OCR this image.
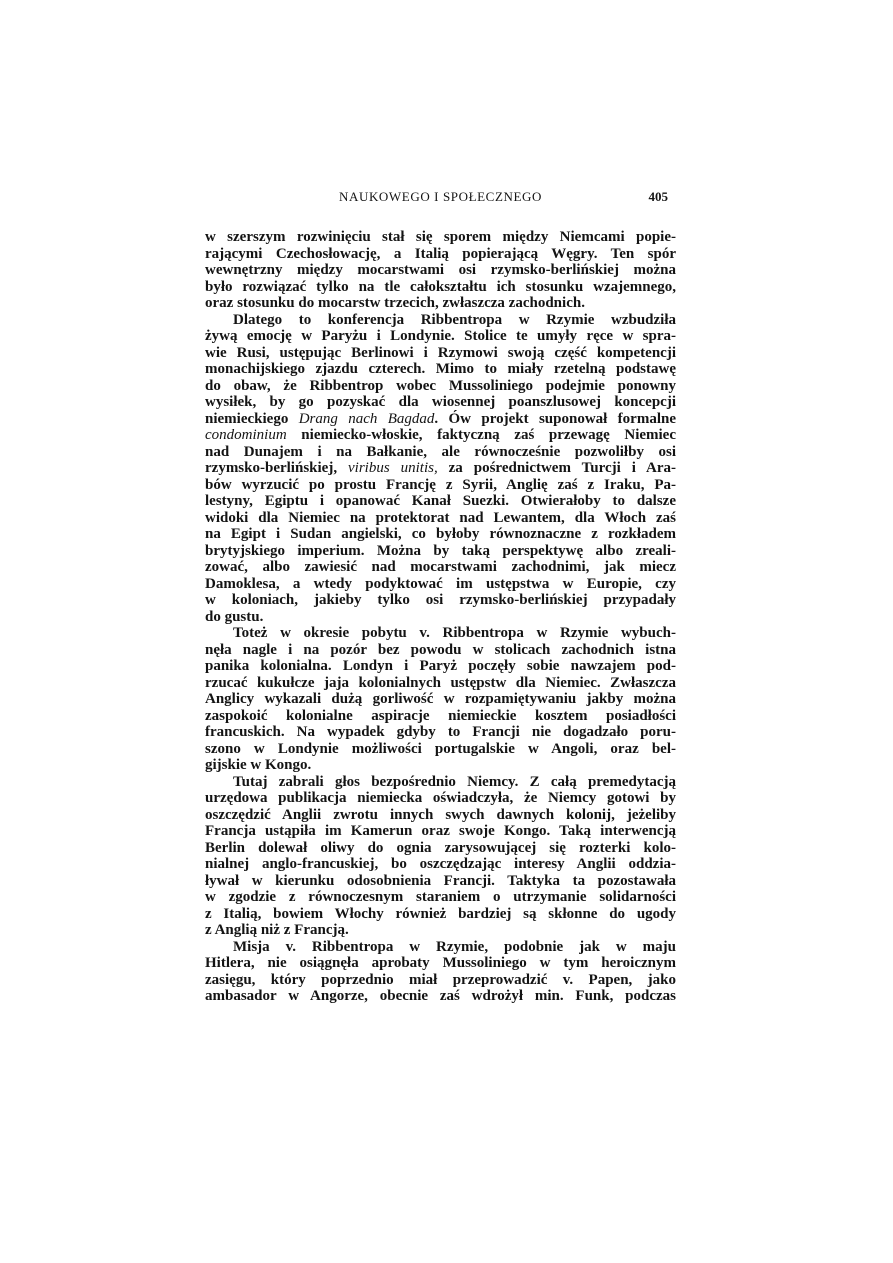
NAUKOWEGO I SPOŁECZNEGO	405
w szerszym rozwinięciu stał się sporem między Niemcami popie-
rającymi Czechosłowację, a Italią popierającą Węgry. Ten spór
wewnętrzny między mocarstwami osi rzymsko-berlińskiej można
było rozwiązać tylko na tle całokształtu ich stosunku wzajemnego,
oraz stosunku do mocarstw trzecich, zwłaszcza zachodnich.
Dlatego to konferencja Ribbentropa w Rzymie wzbudziła
żywą emocję w Paryżu i Londynie. Stolice te umyły ręce w spra-
wie Rusi, ustępując Berlinowi i Rzymowi swoją część kompetencji
monachijskiego zjazdu czterech. Mimo to miały rzetelną podstawę
do obaw, że Ribbentrop wobec Mussoliniego podejmie ponowny
wysiłek, by go pozyskać dla wiosennej poanszlusowej koncepcji
niemieckiego Drang nach Bagdad. Ów projekt suponował formalne
condominium niemiecko-włoskie, faktyczną zaś przewagę Niemiec
nad Dunajem i na Bałkanie, ale równocześnie pozwoliłby osi
rzymsko-berlińskiej, viribus unitis, za pośrednictwem Turcji i Ara-
bów wyrzucić po prostu Francję z Syrii, Anglię zaś z Iraku, Pa-
lestyny, Egiptu i opanować Kanał Suezki. Otwierałoby to dalsze
widoki dla Niemiec na protektorat nad Lewantem, dla Włoch zaś
na Egipt i Sudan angielski, co byłoby równoznaczne z rozkładem
brytyjskiego imperium. Można by taką perspektywę albo zreali-
zować, albo zawiesić nad mocarstwami zachodnimi, jak miecz
Damoklesa, a wtedy podyktować im ustępstwa w Europie, czy
w koloniach, jakieby tylko osi rzymsko-berlińskiej przypadały
do gustu.
Toteż w okresie pobytu v. Ribbentropa w Rzymie wybuch-
nęła nagle i na pozór bez powodu w stolicach zachodnich istna
panika kolonialna. Londyn i Paryż poczęły sobie nawzajem pod-
rzucać kukułcze jaja kolonialnych ustępstw dla Niemiec. Zwłaszcza
Anglicy wykazali dużą gorliwość w rozpamiętywaniu jakby można
zaspokoić kolonialne aspiracje niemieckie kosztem posiadłości
francuskich. Na wypadek gdyby to Francji nie dogadzało poru-
szono w Londynie możliwości portugalskie w Angoli, oraz bel-
gijskie w Kongo.
Tutaj zabrali głos bezpośrednio Niemcy. Z całą premedytacją
urzędowa publikacja niemiecka oświadczyła, że Niemcy gotowi by
oszczędzić Anglii zwrotu innych swych dawnych kolonij, jeżeliby
Francja ustąpiła im Kamerun oraz swoje Kongo. Taką interwencją
Berlin dolewał oliwy do ognia zarysowującej się rozterki kolo-
nialnej anglo-francuskiej, bo oszczędzając interesy Anglii oddzia-
ływał w kierunku odosobnienia Francji. Taktyka ta pozostawała
w zgodzie z równoczesnym staraniem o utrzymanie solidarności
z Italią, bowiem Włochy również bardziej są skłonne do ugody
z Anglią niż z Francją.
Misja v. Ribbentropa w Rzymie, podobnie jak w maju
Hitlera, nie osiągnęła aprobaty Mussoliniego w tym heroicznym
zasięgu, który poprzednio miał przeprowadzić v. Papen, jako
ambasador w Angorze, obecnie zaś wdrożył min. Funk, podczas
